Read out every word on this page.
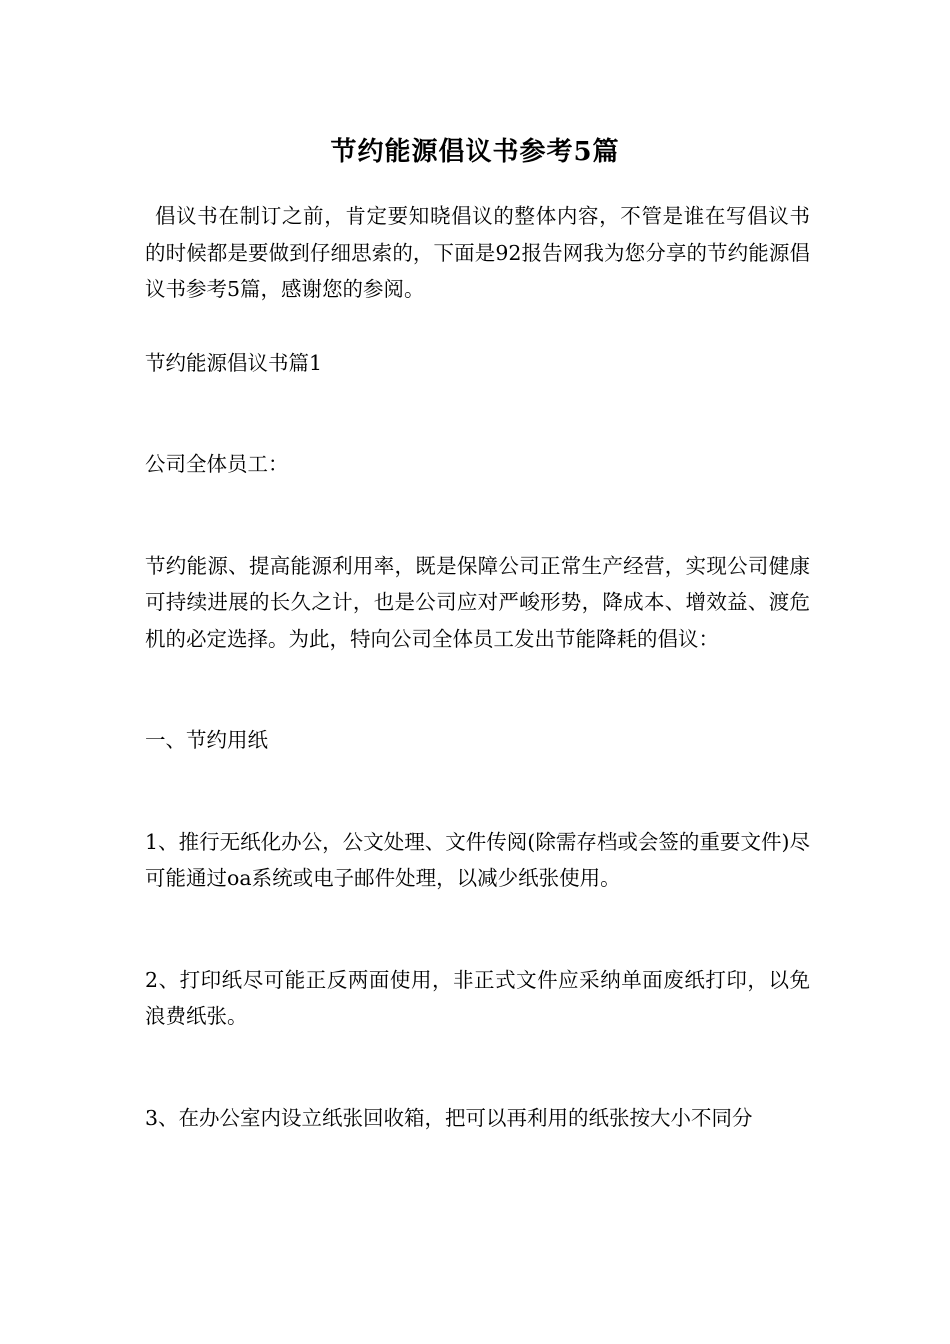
节约能源倡议书参考5篇

倡议书在制订之前，肯定要知晓倡议的整体内容，不管是谁在写倡议书的时候都是要做到仔细思索的，下面是92报告网我为您分享的节约能源倡议书参考5篇，感谢您的参阅。

节约能源倡议书篇1

公司全体员工：

节约能源、提高能源利用率，既是保障公司正常生产经营，实现公司健康可持续进展的长久之计，也是公司应对严峻形势，降成本、增效益、渡危机的必定选择。为此，特向公司全体员工发出节能降耗的倡议：

一、节约用纸

1、推行无纸化办公，公文处理、文件传阅(除需存档或会签的重要文件)尽可能通过oa系统或电子邮件处理，以减少纸张使用。

2、打印纸尽可能正反两面使用，非正式文件应采纳单面废纸打印，以免浪费纸张。

3、在办公室内设立纸张回收箱，把可以再利用的纸张按大小不同分
